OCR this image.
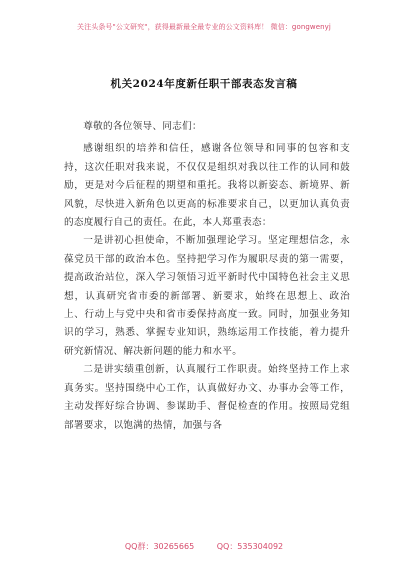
关注头条号"公文研究"，获得最新最全最专业的公文资料库！ 微信：gongwenyj
机关2024年度新任职干部表态发言稿

尊敬的各位领导、同志们：

感谢组织的培养和信任，感谢各位领导和同事的包容和支持，这次任职对我来说，不仅仅是组织对我以往工作的认同和鼓励，更是对今后征程的期望和重托。我将以新姿态、新境界、新风貌，尽快进入新角色以更高的标准要求自己，以更加认真负责的态度履行自己的责任。在此，本人郑重表态：

一是讲初心担使命，不断加强理论学习。坚定理想信念，永葆党员干部的政治本色。坚持把学习作为履职尽责的第一需要，提高政治站位，深入学习领悟习近平新时代中国特色社会主义思想，认真研究省市委的新部署、新要求，始终在思想上、政治上、行动上与党中央和省市委保持高度一致。同时，加强业务知识的学习，熟悉、掌握专业知识，熟练运用工作技能，着力提升研究新情况、解决新问题的能力和水平。

二是讲实绩重创新，认真履行工作职责。始终坚持工作上求真务实。坚持围绕中心工作，认真做好办文、办事办会等工作，主动发挥好综合协调、参谋助手、督促检查的作用。按照局党组部署要求，以饱满的热情，加强与各

QQ群：30265665	QQ：535304092
